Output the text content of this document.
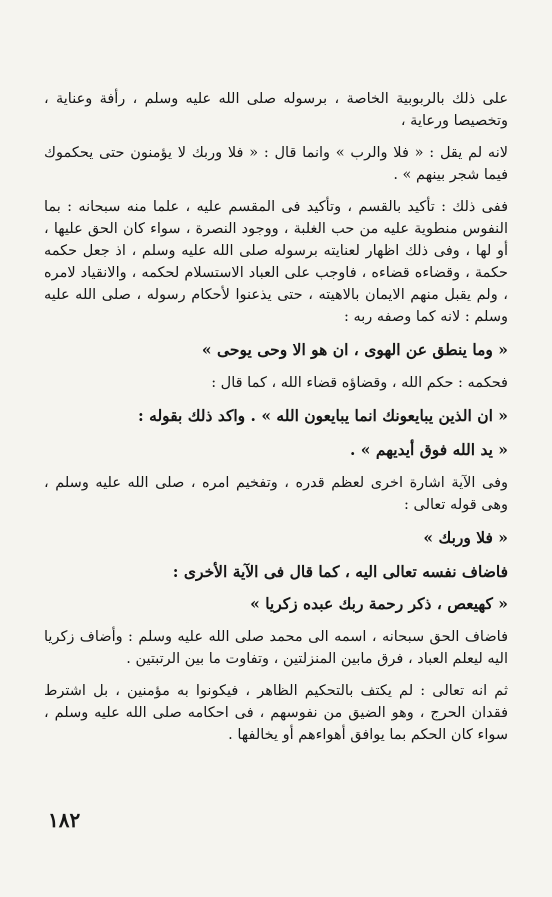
على ذلك بالربوبية الخاصة ، برسوله صلى الله عليه وسلم ، رأفة وعناية ، وتخصيصا ورعاية ،

لانه لم يقل : « فلا والرب » وانما قال : « فلا وربك لا يؤمنون حتى يحكموك فيما شجر بينهم » .

ففى ذلك : تأكيد بالقسم ، وتأكيد فى المقسم عليه ، علما منه سبحانه : بما النفوس منطوية عليه من حب الغلبة ، ووجود النصرة ، سواء كان الحق عليها ، أو لها ، وفى ذلك اظهار لعنايته برسوله صلى الله عليه وسلم ، اذ جعل حكمه حكمة ، وقضاءه قضاءه ، فاوجب على العباد الاستسلام لحكمه ، والانقياد لامره ، ولم يقبل منهم الايمان بالاهيته ، حتى يذعنوا لأحكام رسوله ، صلى الله عليه وسلم : لانه كما وصفه ربه :

« وما ينطق عن الهوى ، ان هو الا وحى يوحى »

فحكمه : حكم الله ، وقضاؤه قضاء الله ، كما قال :

« ان الذين يبايعونك انما يبايعون الله » . واكد ذلك بقوله :

« يد الله فوق أيديهم » .

وفى الآية اشارة اخرى لعظم قدره ، وتفخيم امره ، صلى الله عليه وسلم ، وهى قوله تعالى :

« فلا وربك »

فاضاف نفسه تعالى اليه ، كما قال فى الآية الأخرى :

« كهيعص ، ذكر رحمة ربك عبده زكريا »

فاضاف الحق سبحانه ، اسمه الى محمد صلى الله عليه وسلم : وأضاف زكريا اليه ليعلم العباد ، فرق مابين المنزلتين ، وتفاوت ما بين الرتبتين .

ثم انه تعالى : لم يكتف بالتحكيم الظاهر ، فيكونوا به مؤمنين ، بل اشترط فقدان الحرج ، وهو الضيق من نفوسهم ، فى احكامه صلى الله عليه وسلم ، سواء كان الحكم بما يوافق أهواءهم أو يخالفها .

١٨٢
